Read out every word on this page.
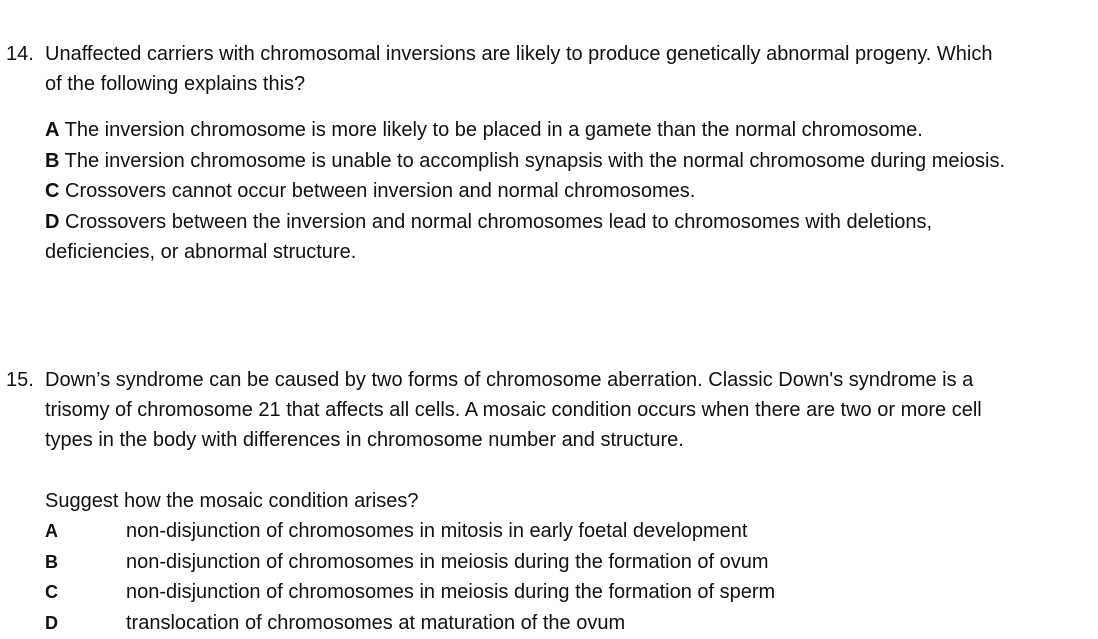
14. Unaffected carriers with chromosomal inversions are likely to produce genetically abnormal progeny. Which
of the following explains this?
A The inversion chromosome is more likely to be placed in a gamete than the normal chromosome.
B The inversion chromosome is unable to accomplish synapsis with the normal chromosome during meiosis.
C Crossovers cannot occur between inversion and normal chromosomes.
D Crossovers between the inversion and normal chromosomes lead to chromosomes with deletions,
deficiencies, or abnormal structure.
15. Down’s syndrome can be caused by two forms of chromosome aberration. Classic Down's syndrome is a
trisomy of chromosome 21 that affects all cells. A mosaic condition occurs when there are two or more cell
types in the body with differences in chromosome number and structure.
Suggest how the mosaic condition arises?
A	non-disjunction of chromosomes in mitosis in early foetal development
B	non-disjunction of chromosomes in meiosis during the formation of ovum
C	non-disjunction of chromosomes in meiosis during the formation of sperm
D	translocation of chromosomes at maturation of the ovum
